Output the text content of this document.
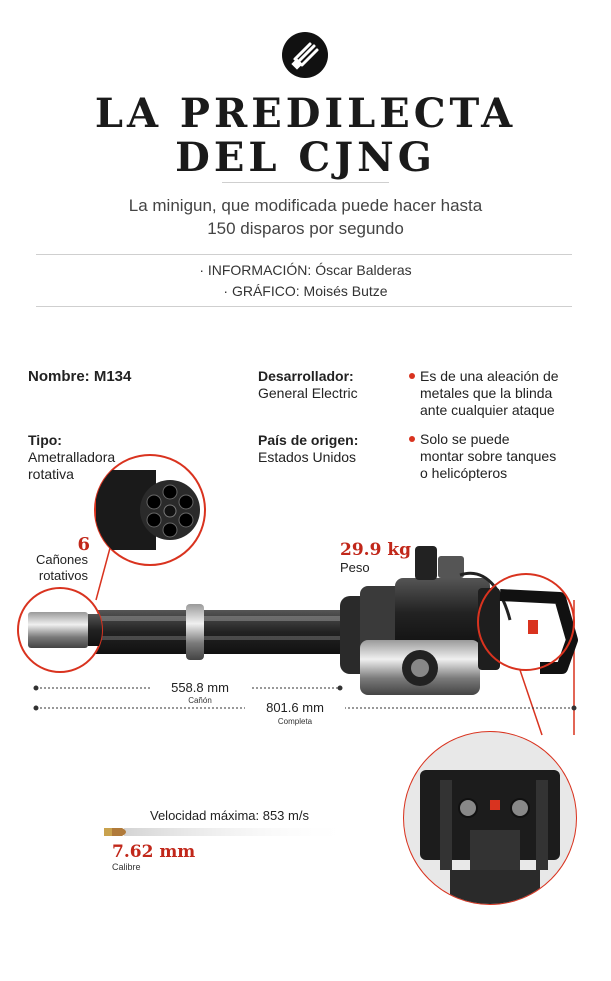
LA PREDILECTA
DEL CJNG
La minigun, que modificada puede hacer hasta
150 disparos por segundo
· INFORMACIÓN: Óscar Balderas
· GRÁFICO: Moisés Butze
Nombre: M134
Tipo:
Ametralladora
rotativa
Desarrollador:
General Electric
País de origen:
Estados Unidos
Es de una aleación de
metales que la blinda
ante cualquier ataque
Solo se puede
montar sobre tanques
o helicópteros
6
Cañones
rotativos
29.9 kg
Peso
558.8 mm
Cañón	801.6 mm
Completa
Velocidad máxima: 853 m/s
7.62 mm
Calibre
